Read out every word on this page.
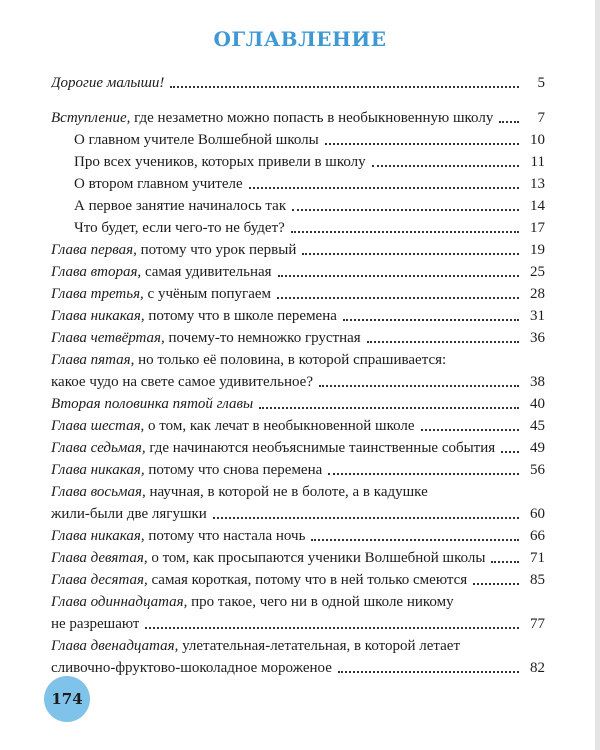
ОГЛАВЛЕНИЕ
Дорогие малыши!	5
Вступление, где незаметно можно попасть в необыкновенную школу	7
О главном учителе Волшебной школы	10
Про всех учеников, которых привели в школу	11
О втором главном учителе	13
А первое занятие начиналось так	14
Что будет, если чего-то не будет?	17
Глава первая, потому что урок первый	19
Глава вторая, самая удивительная	25
Глава третья, с учёным попугаем	28
Глава никакая, потому что в школе перемена	31
Глава четвёртая, почему-то немножко грустная	36
Глава пятая, но только её половина, в которой спрашивается:
какое чудо на свете самое удивительное?	38
Вторая половинка пятой главы	40
Глава шестая, о том, как лечат в необыкновенной школе	45
Глава седьмая, где начинаются необъяснимые таинственные события	49
Глава никакая, потому что снова перемена	56
Глава восьмая, научная, в которой не в болоте, а в кадушке
жили-были две лягушки	60
Глава никакая, потому что настала ночь	66
Глава девятая, о том, как просыпаются ученики Волшебной школы	71
Глава десятая, самая короткая, потому что в ней только смеются	85
Глава одиннадцатая, про такое, чего ни в одной школе никому
не разрешают	77
Глава двенадцатая, улетательная-летательная, в которой летает
сливочно-фруктово-шоколадное мороженое	82
174
